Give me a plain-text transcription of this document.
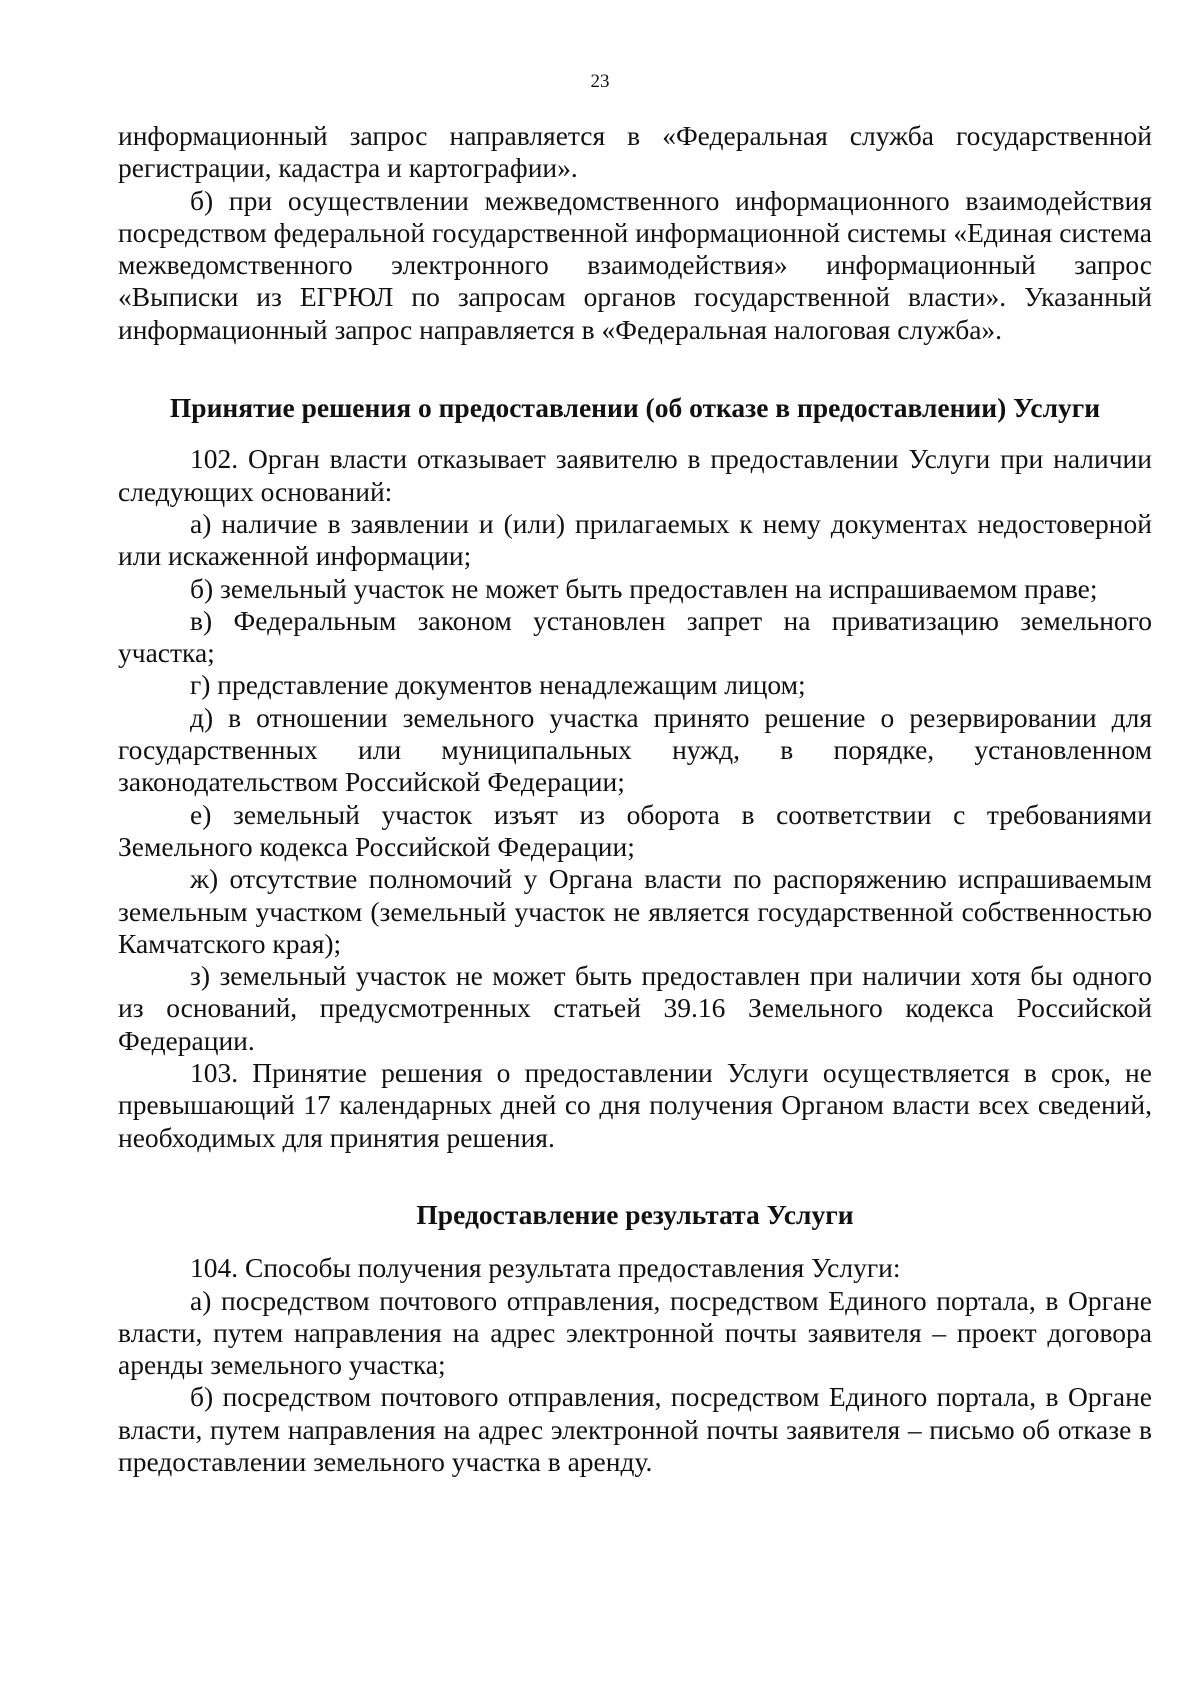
23

информационный запрос направляется в «Федеральная служба государственной регистрации, кадастра и картографии».

б) при осуществлении межведомственного информационного взаимодействия посредством федеральной государственной информационной системы «Единая система межведомственного электронного взаимодействия» информационный запрос «Выписки из ЕГРЮЛ по запросам органов государственной власти». Указанный информационный запрос направляется в «Федеральная налоговая служба».

Принятие решения о предоставлении (об отказе в предоставлении) Услуги

102. Орган власти отказывает заявителю в предоставлении Услуги при наличии следующих оснований:

а) наличие в заявлении и (или) прилагаемых к нему документах недостоверной или искаженной информации;

б) земельный участок не может быть предоставлен на испрашиваемом праве;

в) Федеральным законом установлен запрет на приватизацию земельного участка;

г) представление документов ненадлежащим лицом;

д) в отношении земельного участка принято решение о резервировании для государственных или муниципальных нужд, в порядке, установленном законодательством Российской Федерации;

е) земельный участок изъят из оборота в соответствии с требованиями Земельного кодекса Российской Федерации;

ж) отсутствие полномочий у Органа власти по распоряжению испрашиваемым земельным участком (земельный участок не является государственной собственностью Камчатского края);

з) земельный участок не может быть предоставлен при наличии хотя бы одного из оснований, предусмотренных статьей 39.16 Земельного кодекса Российской Федерации.

103. Принятие решения о предоставлении Услуги осуществляется в срок, не превышающий 17 календарных дней со дня получения Органом власти всех сведений, необходимых для принятия решения.

Предоставление результата Услуги

104. Способы получения результата предоставления Услуги:

а) посредством почтового отправления, посредством Единого портала, в Органе власти, путем направления на адрес электронной почты заявителя – проект договора аренды земельного участка;

б) посредством почтового отправления, посредством Единого портала, в Органе власти, путем направления на адрес электронной почты заявителя – письмо об отказе в предоставлении земельного участка в аренду.
